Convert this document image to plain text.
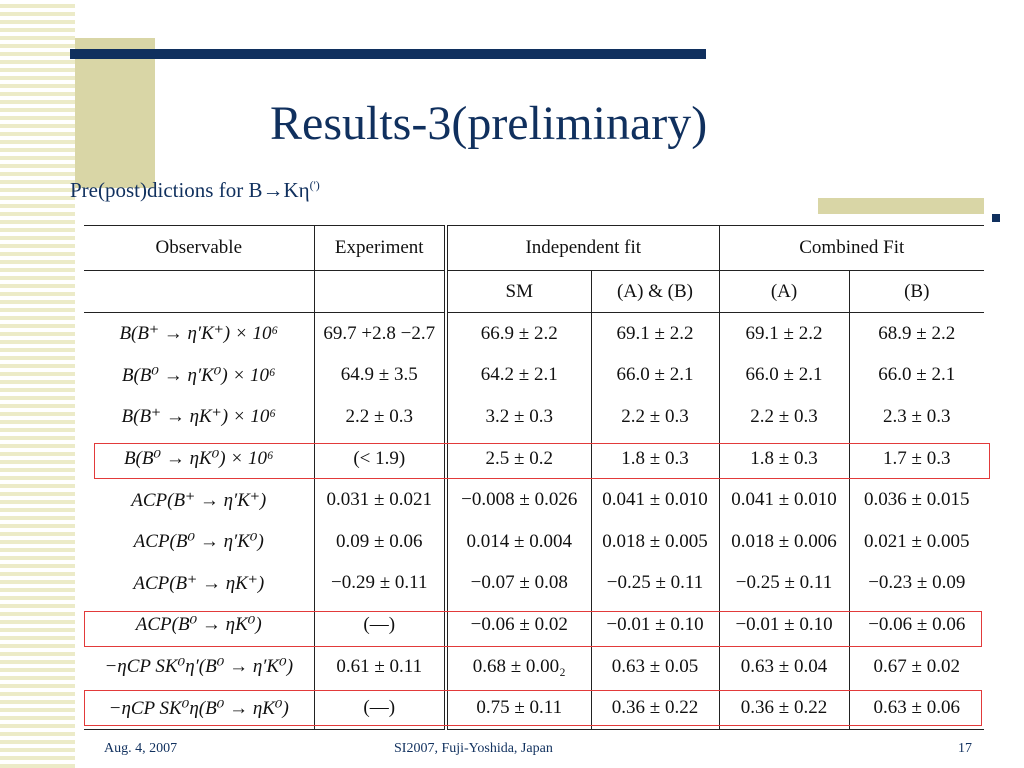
Results-3(preliminary)
Pre(post)dictions for B→Kη(')
Observable	Experiment	Independent fit		Combined Fit	
		SM	(A) & (B)	(A)	(B)
B(B⁺ → η′K⁺) × 10⁶	69.7 +2.8 −2.7	66.9 ± 2.2	69.1 ± 2.2	69.1 ± 2.2	68.9 ± 2.2
B(B⁰ → η′K⁰) × 10⁶	64.9 ± 3.5	64.2 ± 2.1	66.0 ± 2.1	66.0 ± 2.1	66.0 ± 2.1
B(B⁺ → ηK⁺) × 10⁶	2.2 ± 0.3	3.2 ± 0.3	2.2 ± 0.3	2.2 ± 0.3	2.3 ± 0.3
B(B⁰ → ηK⁰) × 10⁶	(< 1.9)	2.5 ± 0.2	1.8 ± 0.3	1.8 ± 0.3	1.7 ± 0.3
ACP(B⁺ → η′K⁺)	0.031 ± 0.021	−0.008 ± 0.026	0.041 ± 0.010	0.041 ± 0.010	0.036 ± 0.015
ACP(B⁰ → η′K⁰)	0.09 ± 0.06	0.014 ± 0.004	0.018 ± 0.005	0.018 ± 0.006	0.021 ± 0.005
ACP(B⁺ → ηK⁺)	−0.29 ± 0.11	−0.07 ± 0.08	−0.25 ± 0.11	−0.25 ± 0.11	−0.23 ± 0.09
ACP(B⁰ → ηK⁰)	(—)	−0.06 ± 0.02	−0.01 ± 0.10	−0.01 ± 0.10	−0.06 ± 0.06
−ηCP SK⁰η′(B⁰ → η′K⁰)	0.61 ± 0.11	0.68 ± 0.00₂	0.63 ± 0.05	0.63 ± 0.04	0.67 ± 0.02
−ηCP SK⁰η(B⁰ → ηK⁰)	(—)	0.75 ± 0.11	0.36 ± 0.22	0.36 ± 0.22	0.63 ± 0.06
Aug. 4, 2007	SI2007, Fuji-Yoshida, Japan	17
